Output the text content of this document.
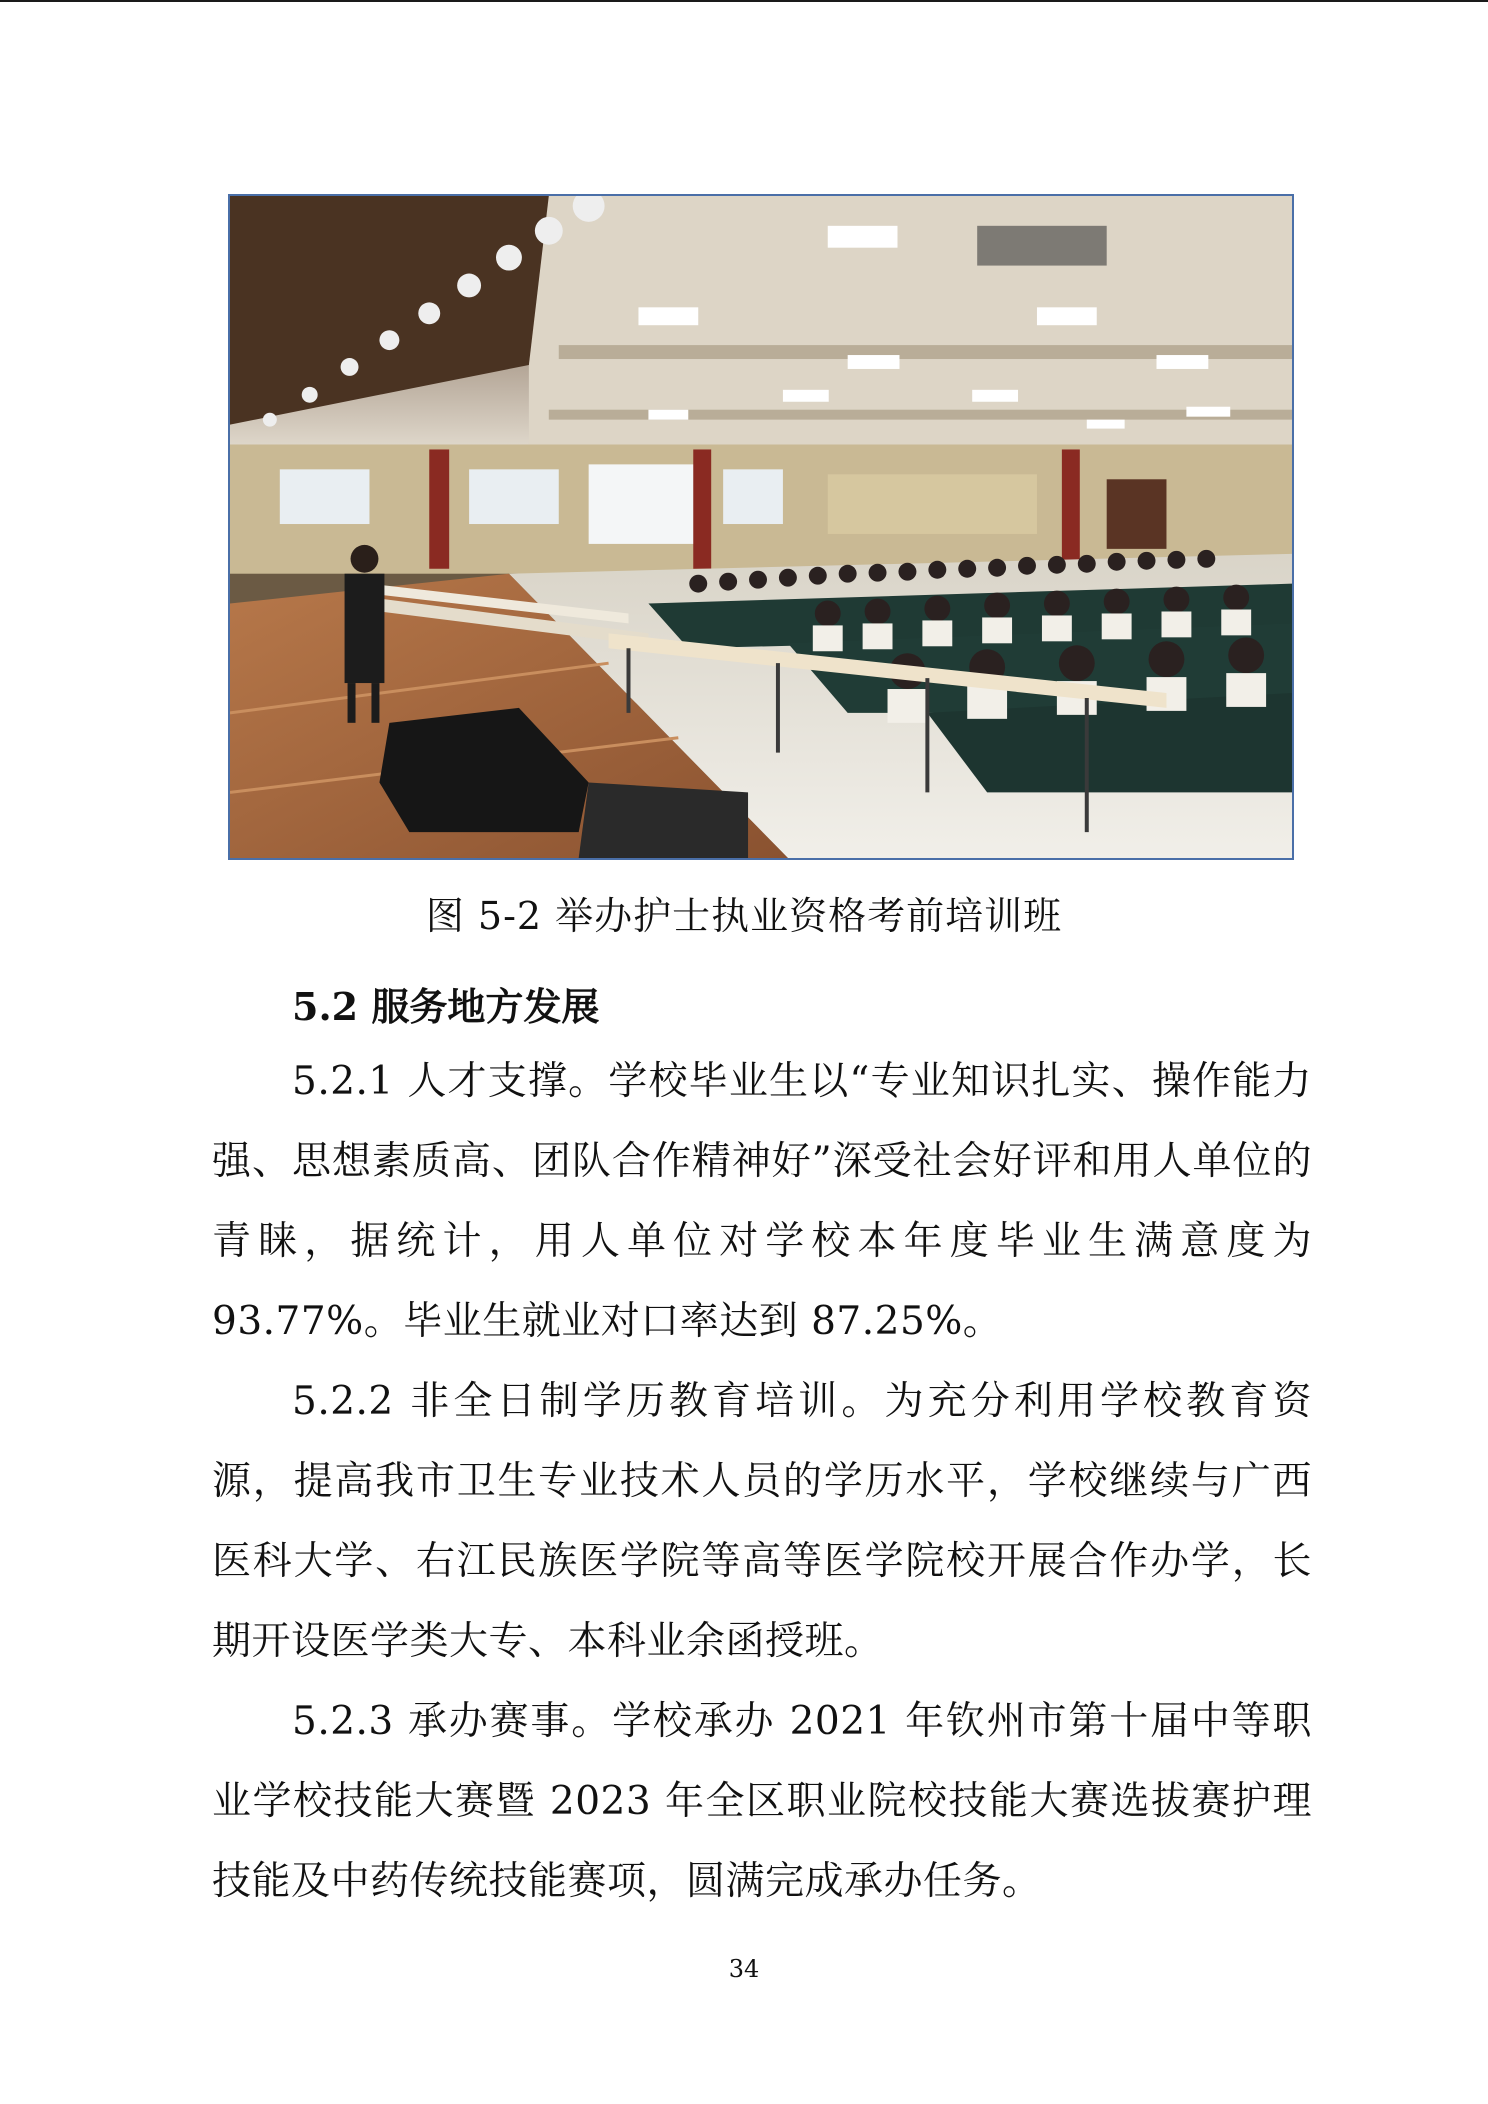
图 5-2 举办护士执业资格考前培训班
5.2 服务地方发展

5.2.1 人才支撑。学校毕业生以“专业知识扎实、操作能力强、思想素质高、团队合作精神好”深受社会好评和用人单位的青睐，据统计，用人单位对学校本年度毕业生满意度为93.77%。毕业生就业对口率达到 87.25%。

5.2.2 非全日制学历教育培训。为充分利用学校教育资源，提高我市卫生专业技术人员的学历水平，学校继续与广西医科大学、右江民族医学院等高等医学院校开展合作办学，长期开设医学类大专、本科业余函授班。

5.2.3 承办赛事。学校承办 2021 年钦州市第十届中等职业学校技能大赛暨 2023 年全区职业院校技能大赛选拔赛护理技能及中药传统技能赛项，圆满完成承办任务。

34
